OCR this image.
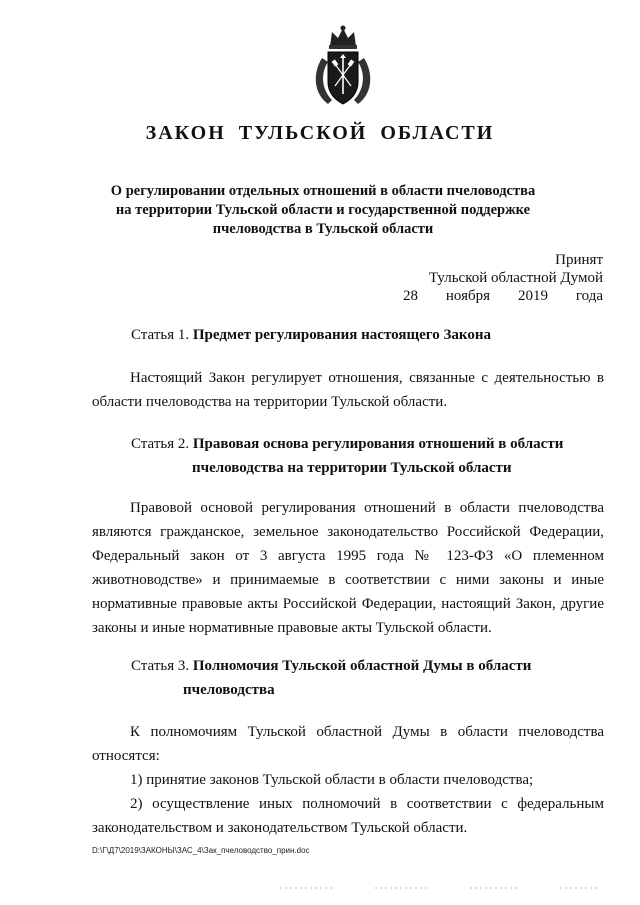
ЗАКОН ТУЛЬСКОЙ ОБЛАСТИ
О регулировании отдельных отношений в области пчеловодства
на территории Тульской области и государственной поддержке
пчеловодства в Тульской области
Принят
Тульской областной Думой
28 ноября 2019 года
Статья 1. Предмет регулирования настоящего Закона

Настоящий Закон регулирует отношения, связанные с деятельностью в области пчеловодства на территории Тульской области.

Статья 2. Правовая основа регулирования отношений в области
пчеловодства на территории Тульской области

Правовой основой регулирования отношений в области пчеловодства являются гражданское, земельное законодательство Российской Федерации, Федеральный закон от 3 августа 1995 года № 123-ФЗ «О племенном животноводстве» и принимаемые в соответствии с ними законы и иные нормативные правовые акты Российской Федерации, настоящий Закон, другие законы и иные нормативные правовые акты Тульской области.

Статья 3. Полномочия Тульской областной Думы в области
пчеловодства

К полномочиям Тульской областной Думы в области пчеловодства относятся:

1) принятие законов Тульской области в области пчеловодства;

2) осуществление иных полномочий в соответствии с федеральным законодательством и законодательством Тульской области.

D:\Г\Д7\2019\ЗАКОНЫ\ЗАС_4\Зак_пчеловодство_прин.doc
